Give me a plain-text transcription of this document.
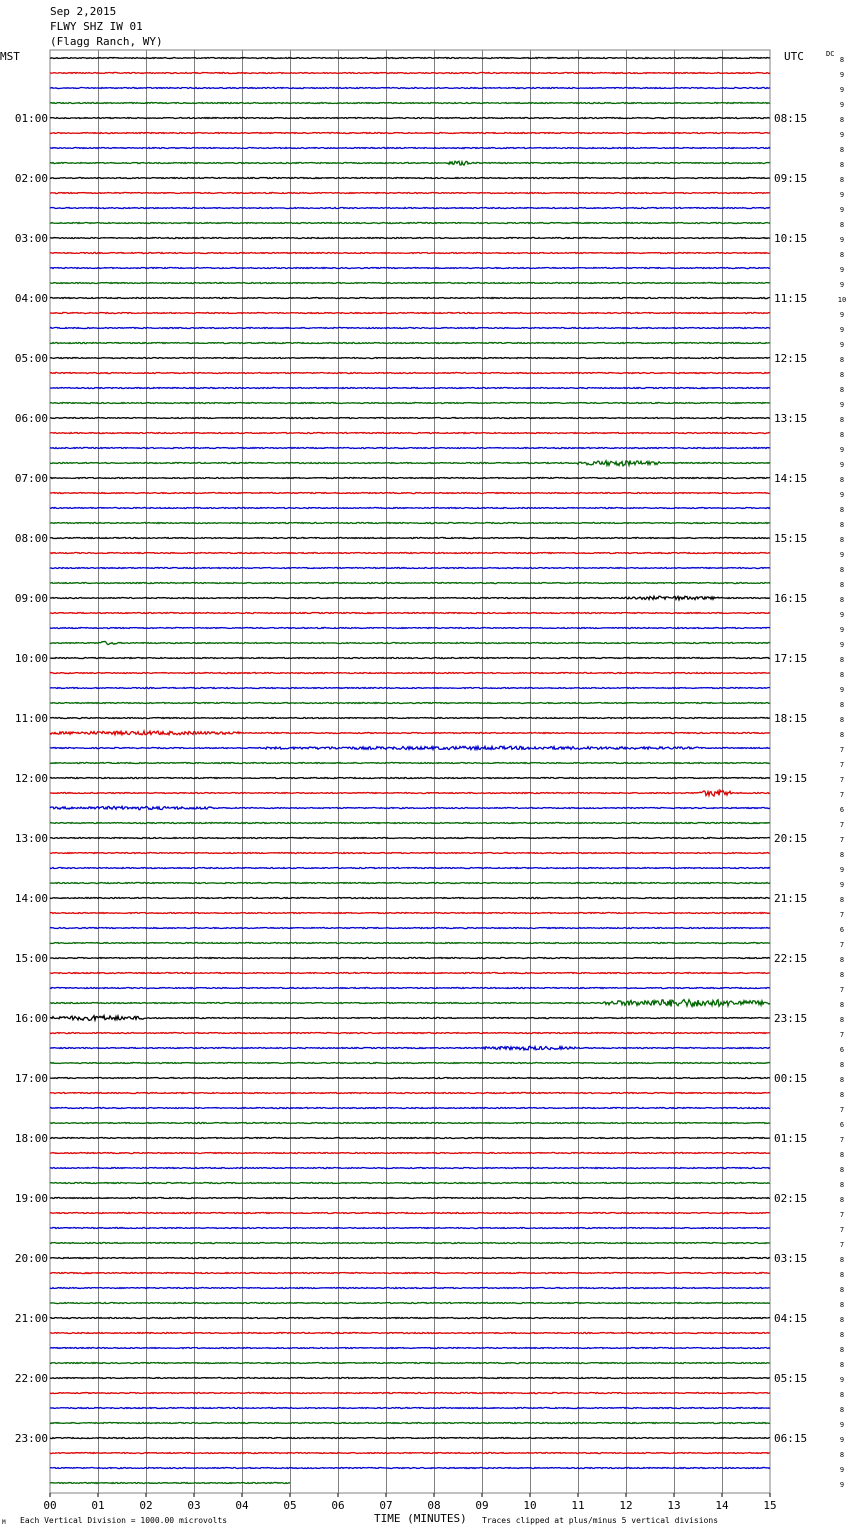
Sep 2,2015
FLWY SHZ IW 01
(Flagg Ranch, WY)
MST	UTC	DC
01:00
02:00
03:00
04:00
05:00
06:00
07:00
08:00
09:00
10:00
11:00
12:00
13:00
14:00
15:00
16:00
17:00
18:00
19:00
20:00
21:00
22:00
23:00
08:15
09:15
10:15
11:15
12:15
13:15
14:15
15:15
16:15
17:15
18:15
19:15
20:15
21:15
22:15
23:15
00:15
01:15
02:15
03:15
04:15
05:15
06:15
8
9
9
9
8
9
8
8
8
9
9
8
9
8
9
9
10
9
9
9
8
8
8
9
8
8
9
9
8
9
8
8
8
9
8
8
8
9
9
9
8
8
9
8
8
8
7
7
7
7
6
7
7
8
9
9
8
7
6
7
8
8
7
8
8
7
6
8
8
8
7
6
7
8
8
8
8
7
7
7
8
8
8
8
8
8
8
8
9
8
8
9
9
8
9
9
00	01	02	03	04	05	06	07	08	09	10	11	12	13	14	15
M Each Vertical Division = 1000.00 microvolts	TIME (MINUTES) Traces clipped at plus/minus 5 vertical divisions
